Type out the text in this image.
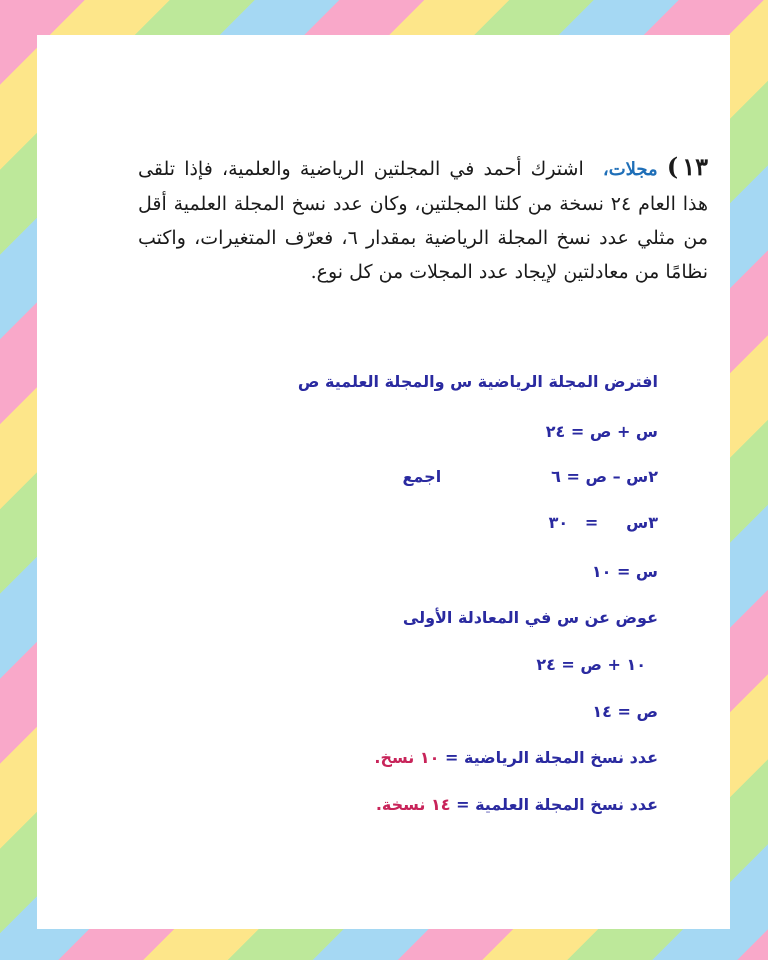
١٣) مجلات، اشترك أحمد في المجلتين الرياضية والعلمية، فإذا تلقى هذا العام ٢٤ نسخة من كلتا المجلتين، وكان عدد نسخ المجلة العلمية أقل من مثلي عدد نسخ المجلة الرياضية بمقدار ٦، فعرّف المتغيرات، واكتب نظامًا من معادلتين لإيجاد عدد المجلات من كل نوع.
افترض المجلة الرياضية س والمجلة العلمية ص
س + ص = ٢٤
٢س – ص = ٦اجمع
٣س     =   ٣٠
س = ١٠
عوض عن س في المعادلة الأولى
١٠ + ص = ٢٤
ص = ١٤
عدد نسخ المجلة الرياضية = ١٠ نسخ.
عدد نسخ المجلة العلمية = ١٤ نسخة.
